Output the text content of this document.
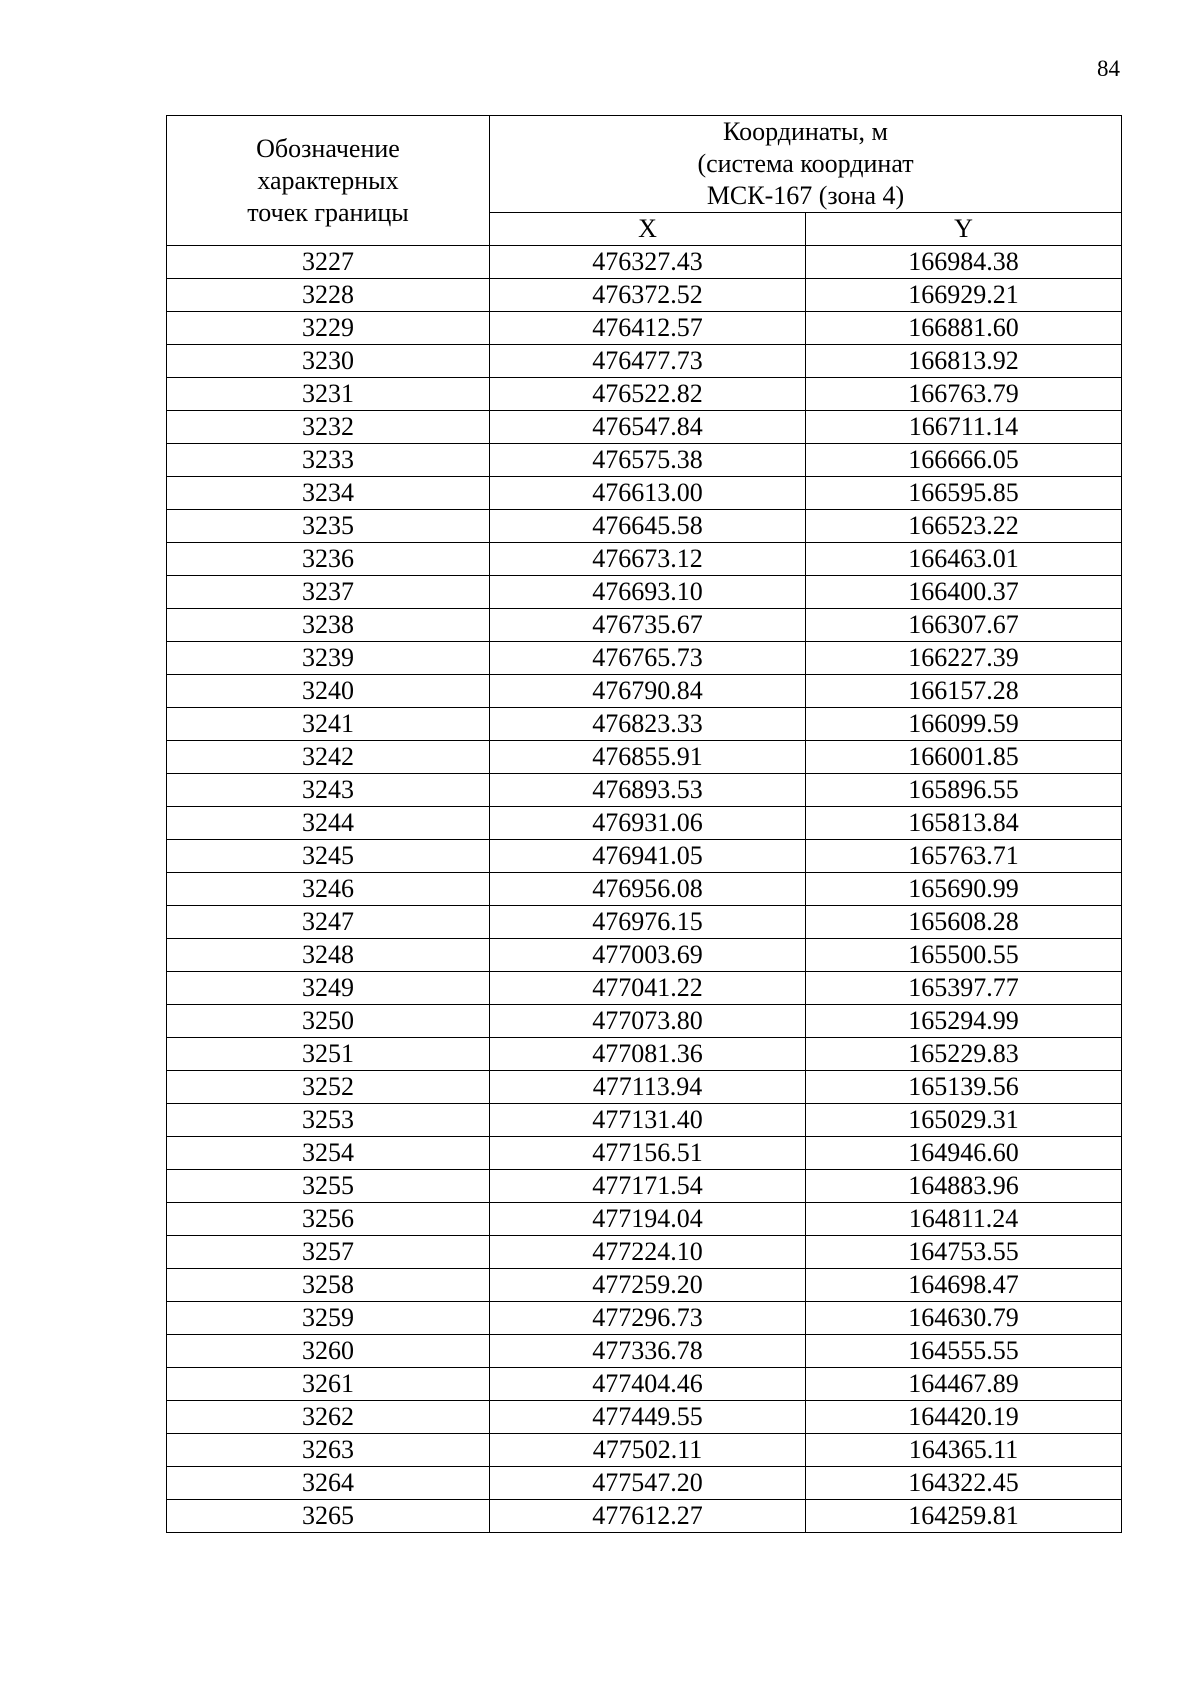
84
Обозначение
характерных
точек границы	Координаты, м
(система координат
МСК-167 (зона 4)	

	X	Y
3227	476327.43	166984.38
3228	476372.52	166929.21
3229	476412.57	166881.60
3230	476477.73	166813.92
3231	476522.82	166763.79
3232	476547.84	166711.14
3233	476575.38	166666.05
3234	476613.00	166595.85
3235	476645.58	166523.22
3236	476673.12	166463.01
3237	476693.10	166400.37
3238	476735.67	166307.67
3239	476765.73	166227.39
3240	476790.84	166157.28
3241	476823.33	166099.59
3242	476855.91	166001.85
3243	476893.53	165896.55
3244	476931.06	165813.84
3245	476941.05	165763.71
3246	476956.08	165690.99
3247	476976.15	165608.28
3248	477003.69	165500.55
3249	477041.22	165397.77
3250	477073.80	165294.99
3251	477081.36	165229.83
3252	477113.94	165139.56
3253	477131.40	165029.31
3254	477156.51	164946.60
3255	477171.54	164883.96
3256	477194.04	164811.24
3257	477224.10	164753.55
3258	477259.20	164698.47
3259	477296.73	164630.79
3260	477336.78	164555.55
3261	477404.46	164467.89
3262	477449.55	164420.19
3263	477502.11	164365.11
3264	477547.20	164322.45
3265	477612.27	164259.81
